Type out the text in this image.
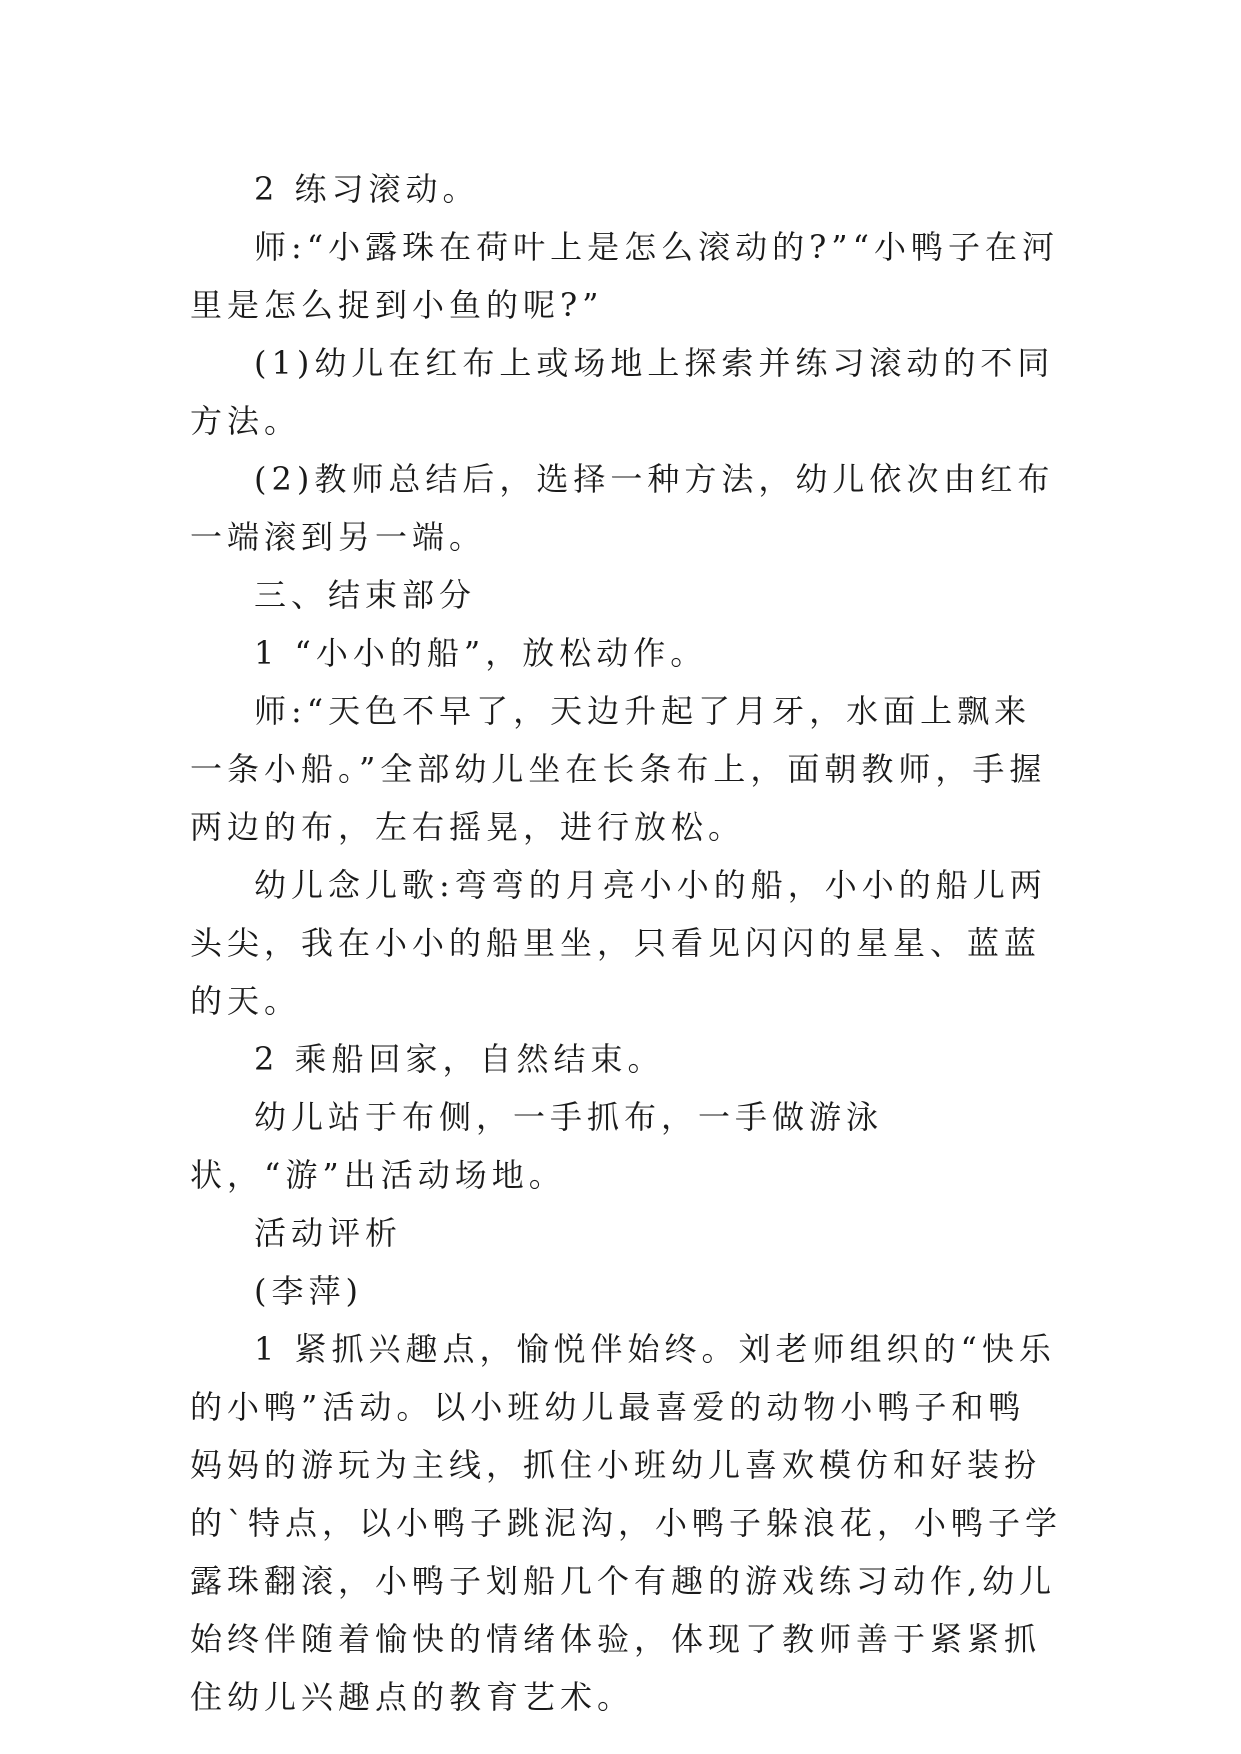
2 练习滚动。

师:“小露珠在荷叶上是怎么滚动的?”“小鸭子在河里是怎么捉到小鱼的呢?”

(1)幼儿在红布上或场地上探索并练习滚动的不同方法。

(2)教师总结后，选择一种方法，幼儿依次由红布一端滚到另一端。

三、结束部分

1 “小小的船”，放松动作。

师:“天色不早了，天边升起了月牙，水面上飘来一条小船。”全部幼儿坐在长条布上，面朝教师，手握两边的布，左右摇晃，进行放松。

幼儿念儿歌:弯弯的月亮小小的船，小小的船儿两头尖，我在小小的船里坐，只看见闪闪的星星、蓝蓝的天。

2 乘船回家，自然结束。

幼儿站于布侧，一手抓布，一手做游泳状，“游”出活动场地。

活动评析

(李萍)

1 紧抓兴趣点，愉悦伴始终。刘老师组织的“快乐的小鸭”活动。以小班幼儿最喜爱的动物小鸭子和鸭妈妈的游玩为主线，抓住小班幼儿喜欢模仿和好装扮的`特点，以小鸭子跳泥沟，小鸭子躲浪花，小鸭子学露珠翻滚，小鸭子划船几个有趣的游戏练习动作,幼儿始终伴随着愉快的情绪体验，体现了教师善于紧紧抓住幼儿兴趣点的教育艺术。
